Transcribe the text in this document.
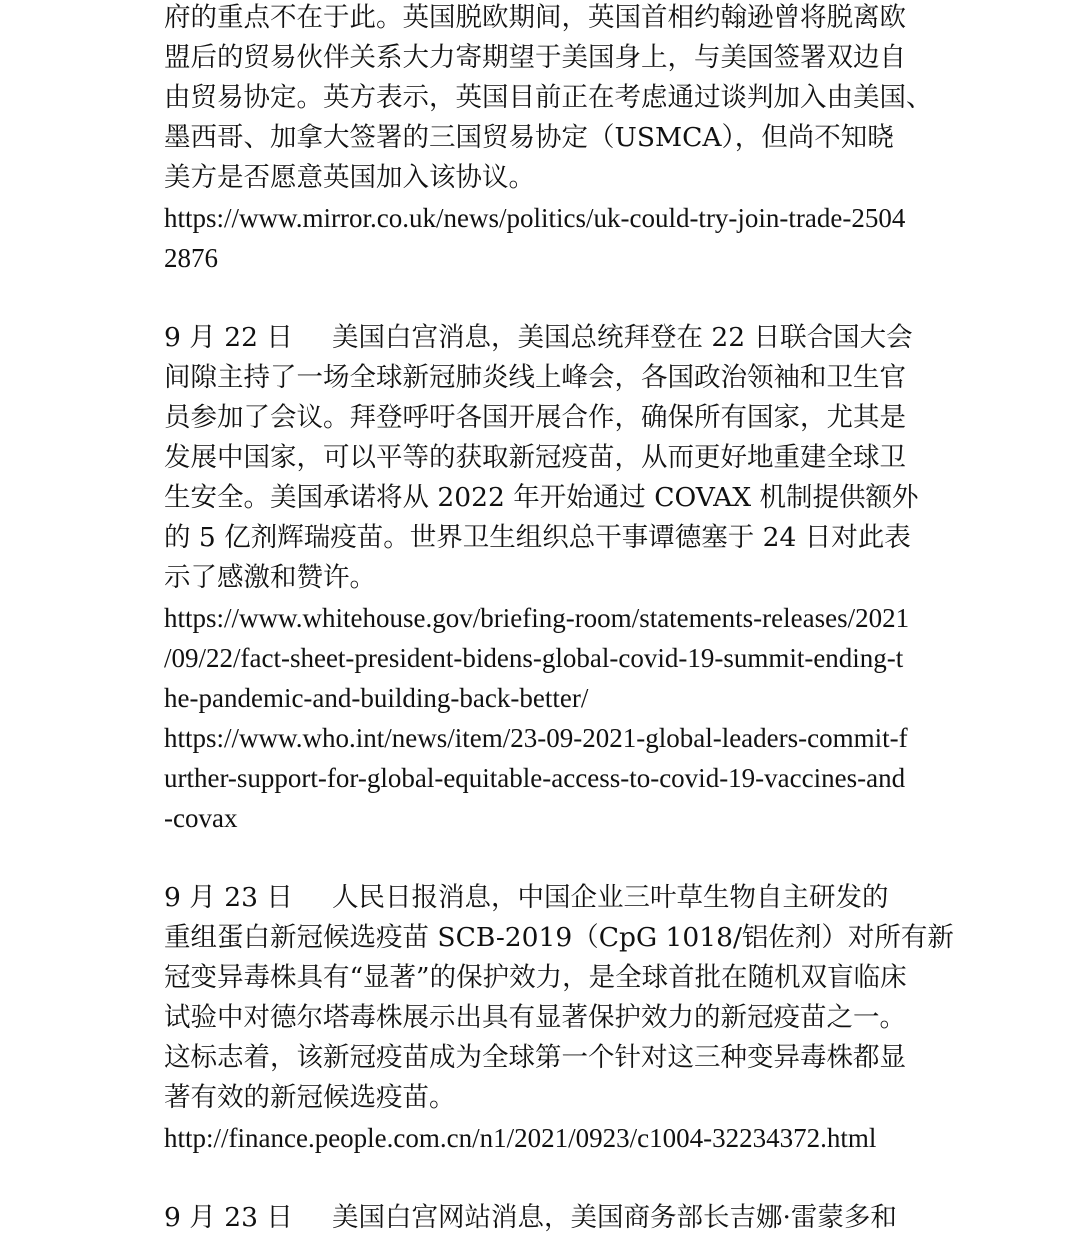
府的重点不在于此。英国脱欧期间，英国首相约翰逊曾将脱离欧
盟后的贸易伙伴关系大力寄期望于美国身上，与美国签署双边自
由贸易协定。英方表示，英国目前正在考虑通过谈判加入由美国、
墨西哥、加拿大签署的三国贸易协定（USMCA），但尚不知晓
美方是否愿意英国加入该协议。
https://www.mirror.co.uk/news/politics/uk-could-try-join-trade-2504
2876
9 月 22 日 美国白宫消息，美国总统拜登在 22 日联合国大会
间隙主持了一场全球新冠肺炎线上峰会，各国政治领袖和卫生官
员参加了会议。拜登呼吁各国开展合作，确保所有国家，尤其是
发展中国家，可以平等的获取新冠疫苗，从而更好地重建全球卫
生安全。美国承诺将从 2022 年开始通过 COVAX 机制提供额外
的 5 亿剂辉瑞疫苗。世界卫生组织总干事谭德塞于 24 日对此表
示了感激和赞许。
https://www.whitehouse.gov/briefing-room/statements-releases/2021
/09/22/fact-sheet-president-bidens-global-covid-19-summit-ending-t
he-pandemic-and-building-back-better/
https://www.who.int/news/item/23-09-2021-global-leaders-commit-f
urther-support-for-global-equitable-access-to-covid-19-vaccines-and
-covax
9 月 23 日 人民日报消息，中国企业三叶草生物自主研发的
重组蛋白新冠候选疫苗 SCB-2019（CpG 1018/铝佐剂）对所有新
冠变异毒株具有“显著”的保护效力，是全球首批在随机双盲临床
试验中对德尔塔毒株展示出具有显著保护效力的新冠疫苗之一。
这标志着，该新冠疫苗成为全球第一个针对这三种变异毒株都显
著有效的新冠候选疫苗。
http://finance.people.com.cn/n1/2021/0923/c1004-32234372.html
9 月 23 日 美国白宫网站消息，美国商务部长吉娜·雷蒙多和
